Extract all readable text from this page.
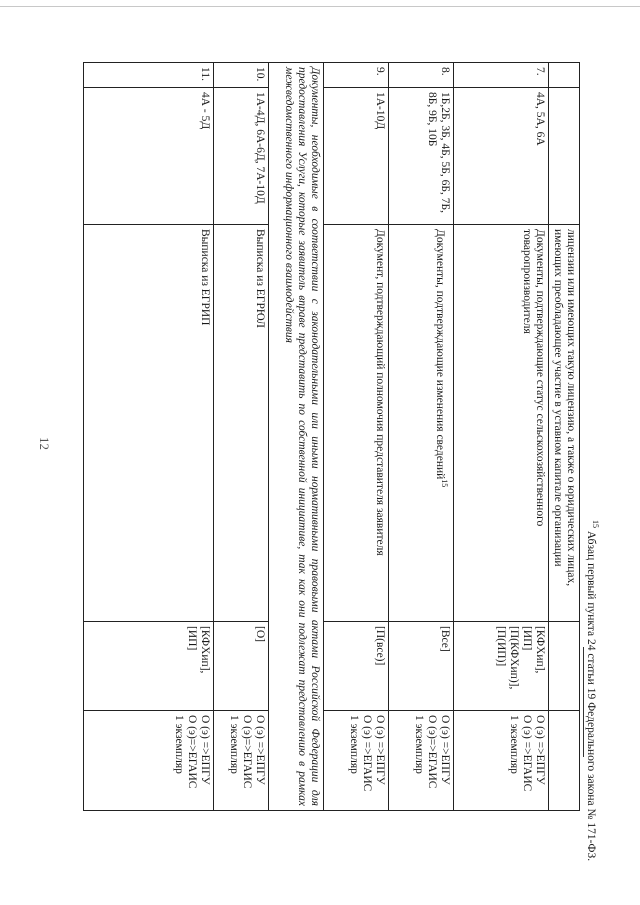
12
			лицензии или имеющих такую лицензию, а также о юридических лицах, имеющих преобладающее участие в уставном капитале организации		
7.	4А, 5А, 6А	Документы, подтверждающие статус сельскохозяйственного товаропроизводителя	[КФХип],
[ИП]
[П(КФХип)],
[П(ИП)]	О (э) =>ЕПГУ
О (э) =>ЕГАИС
1 экземпляр

8.	1Б,2Б, 3Б, 4Б, 5Б, 6Б, 7Б, 8Б, 9Б, 10Б	Документы, подтверждающие изменения сведений$^{15}$	[Все]	О (э) =>ЕПГУ
О (э)=>ЕГАИС
1 экземпляр

9.	1А-10Д	Документ, подтверждающий полномочия представителя заявителя	[П(все)]	О (э) =>ЕПГУ
О (э) =>ЕГАИС
1 экземпляр

Документы, необходимые в соответствии с законодательными или иными нормативными правовыми актами Российской Федерации для предоставления Услуги, которые заявитель вправе представить по собственной инициативе, так как они подлежат представлению в рамках межведомственного информационного взаимодействия				
10.	1А-4Д, 6А-6Д, 7А-10Д	Выписка из ЕГРЮЛ	[О]	О (э) =>ЕПГУ
О (э)=>ЕГАИС
1 экземпляр

11.	4А - 5Д	Выписка из ЕГРИП	[КФХип],
[ИП]	О (э) =>ЕПГУ
О (э)=>ЕГАИС
1 экземпляр
$^{15}$ Абзац первый пункта 24 статьи 19 Федерального закона № 171-ФЗ.
